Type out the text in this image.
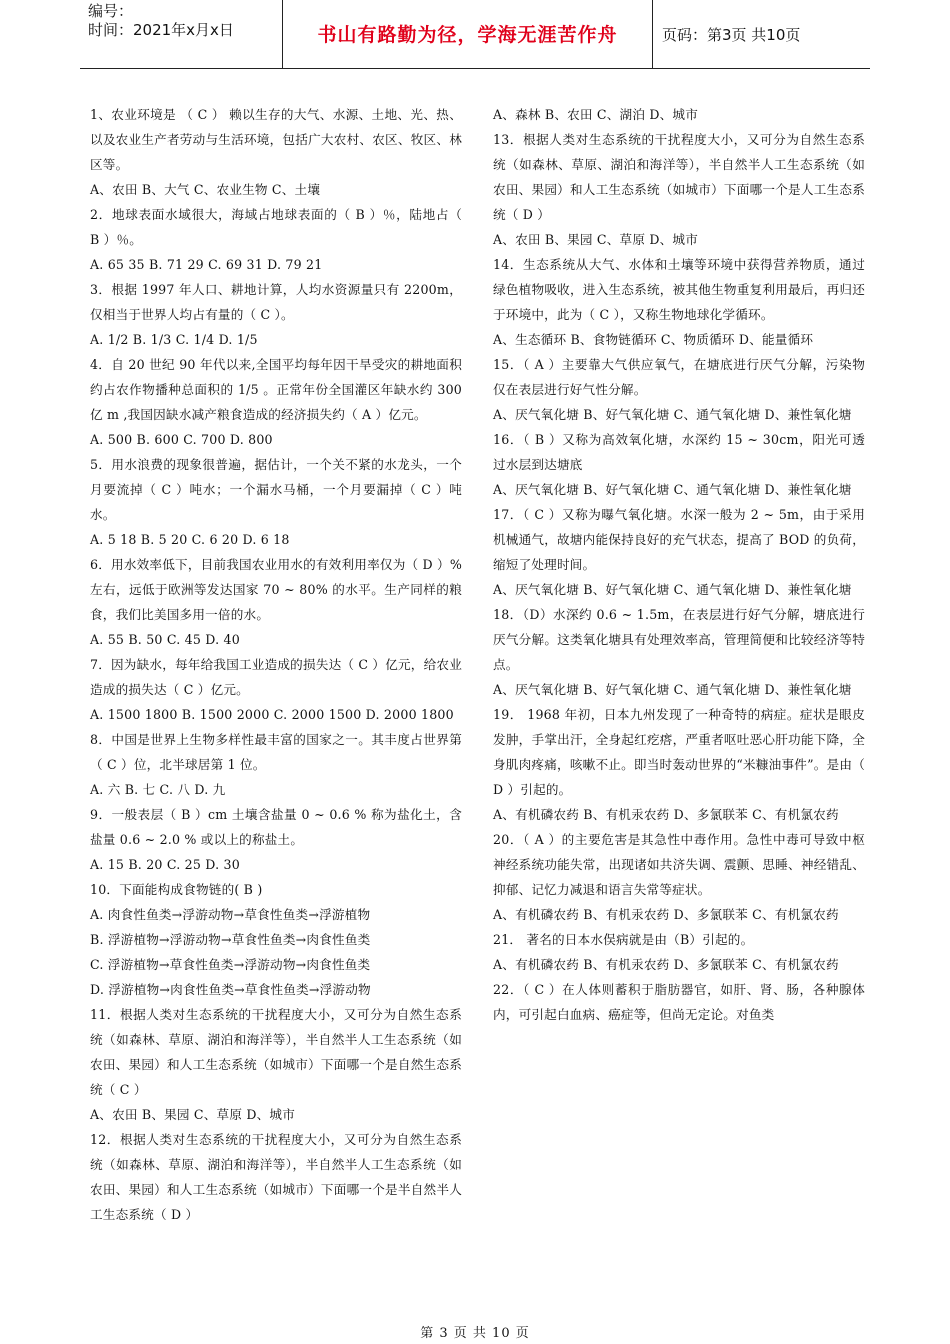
编号：
时间：2021年x月x日	书山有路勤为径，学海无涯苦作舟	页码：第3页 共10页

1、农业环境是 （ C ） 赖以生存的大气、水源、土地、光、热、以及农业生产者劳动与生活环境，包括广大农村、农区、牧区、林区等。

A、农田 B、大气 C、农业生物 C、土壤

2．地球表面水域很大，海域占地球表面的（ B ）％，陆地占（ B ）％。

A. 65 35 B. 71 29 C. 69 31 D. 79 21

3．根据 1997 年人口、耕地计算，人均水资源量只有 2200m，仅相当于世界人均占有量的（ C ）。

A. 1/2 B. 1/3 C. 1/4 D. 1/5

4．自 20 世纪 90 年代以来,全国平均每年因干旱受灾的耕地面积约占农作物播种总面积的 1/5 。正常年份全国灌区年缺水约 300 亿 m ,我国因缺水减产粮食造成的经济损失约（ A ）亿元。

A. 500 B. 600 C. 700 D. 800

5．用水浪费的现象很普遍，据估计，一个关不紧的水龙头，一个月要流掉（ C ）吨水；一个漏水马桶，一个月要漏掉（ C ）吨水。

A. 5 18 B. 5 20 C. 6 20 D. 6 18

6．用水效率低下，目前我国农业用水的有效利用率仅为（ D ）%左右，远低于欧洲等发达国家 70 ~ 80% 的水平。生产同样的粮食，我们比美国多用一倍的水。

A. 55 B. 50 C. 45 D. 40

7．因为缺水，每年给我国工业造成的损失达（ C ）亿元，给农业造成的损失达（ C ）亿元。

A. 1500 1800 B. 1500 2000 C. 2000 1500 D. 2000 1800

8．中国是世界上生物多样性最丰富的国家之一。其丰度占世界第（ C ）位，北半球居第 1 位。

A. 六 B. 七 C. 八 D. 九

9．一般表层（ B ）cm 土壤含盐量 0 ~ 0.6 % 称为盐化土，含盐量 0.6 ~ 2.0 % 或以上的称盐土。

A. 15 B. 20 C. 25 D. 30

10．下面能构成食物链的( B )

A. 肉食性鱼类→浮游动物→草食性鱼类→浮游植物

B. 浮游植物→浮游动物→草食性鱼类→肉食性鱼类

C. 浮游植物→草食性鱼类→浮游动物→肉食性鱼类

D. 浮游植物→肉食性鱼类→草食性鱼类→浮游动物

11．根据人类对生态系统的干扰程度大小，又可分为自然生态系统（如森林、草原、湖泊和海洋等），半自然半人工生态系统（如农田、果园）和人工生态系统（如城市）下面哪一个是自然生态系统（ C ）

A、农田 B、果园 C、草原 D、城市

12．根据人类对生态系统的干扰程度大小，又可分为自然生态系统（如森林、草原、湖泊和海洋等），半自然半人工生态系统（如农田、果园）和人工生态系统（如城市）下面哪一个是半自然半人工生态系统（ D ）

A、森林 B、农田 C、湖泊 D、城市

13．根据人类对生态系统的干扰程度大小，又可分为自然生态系统（如森林、草原、湖泊和海洋等），半自然半人工生态系统（如农田、果园）和人工生态系统（如城市）下面哪一个是人工生态系统（ D ）

A、农田 B、果园 C、草原 D、城市

14．生态系统从大气、水体和土壤等环境中获得营养物质，通过绿色植物吸收，进入生态系统，被其他生物重复利用最后，再归还于环境中，此为（ C ），又称生物地球化学循环。

A、生态循环 B、食物链循环 C、物质循环 D、能量循环

15．（ A ）主要靠大气供应氧气，在塘底进行厌气分解，污染物仅在表层进行好气性分解。

A、厌气氧化塘 B、好气氧化塘 C、通气氧化塘 D、兼性氧化塘

16．（ B ）又称为高效氧化塘，水深约 15 ~ 30cm，阳光可透过水层到达塘底

A、厌气氧化塘 B、好气氧化塘 C、通气氧化塘 D、兼性氧化塘

17．（ C ）又称为曝气氧化塘。水深一般为 2 ~ 5m，由于采用机械通气，故塘内能保持良好的充气状态，提高了 BOD 的负荷，缩短了处理时间。

A、厌气氧化塘 B、好气氧化塘 C、通气氧化塘 D、兼性氧化塘

18．（D）水深约 0.6 ~ 1.5m，在表层进行好气分解，塘底进行厌气分解。这类氧化塘具有处理效率高，管理简便和比较经济等特点。

A、厌气氧化塘 B、好气氧化塘 C、通气氧化塘 D、兼性氧化塘

19． 1968 年初，日本九州发现了一种奇特的病症。症状是眼皮发肿，手掌出汗，全身起红疙瘩，严重者呕吐恶心肝功能下降，全身肌肉疼痛，咳嗽不止。即当时轰动世界的“米糠油事件”。是由（ D ）引起的。

A、有机磷农药 B、有机汞农药 D、多氯联苯 C、有机氯农药

20．（ A ）的主要危害是其急性中毒作用。急性中毒可导致中枢神经系统功能失常，出现诸如共济失调、震颤、思睡、神经错乱、抑郁、记忆力减退和语言失常等症状。

A、有机磷农药 B、有机汞农药 D、多氯联苯 C、有机氯农药

21． 著名的日本水俣病就是由（B）引起的。

A、有机磷农药 B、有机汞农药 D、多氯联苯 C、有机氯农药

22．（ C ）在人体则蓄积于脂肪器官，如肝、肾、肠，各种腺体内，可引起白血病、癌症等，但尚无定论。对鱼类

第 3 页 共 10 页
